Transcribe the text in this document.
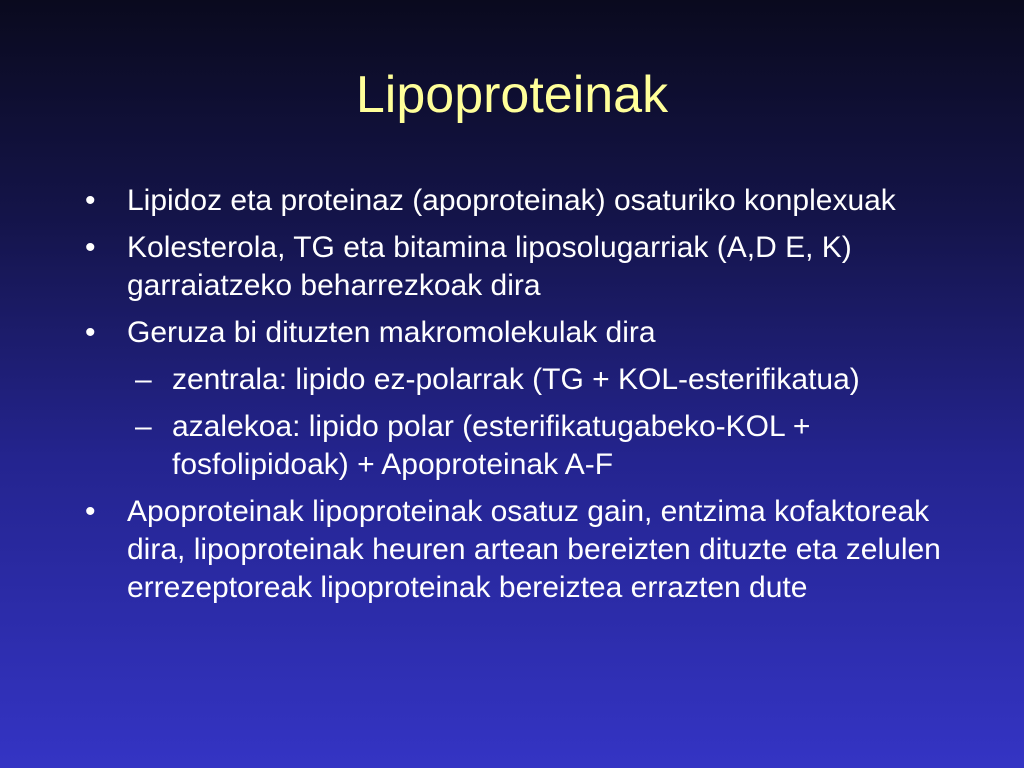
Lipoproteinak
• Lipidoz eta proteinaz (apoproteinak) osaturiko konplexuak
• Kolesterola, TG eta bitamina liposolugarriak (A,D E, K) garraiatzeko beharrezkoak dira
• Geruza bi dituzten makromolekulak dira
– zentrala: lipido ez-polarrak (TG + KOL-esterifikatua)
– azalekoa: lipido polar (esterifikatugabeko-KOL + fosfolipidoak) + Apoproteinak A-F
• Apoproteinak lipoproteinak osatuz gain, entzima kofaktoreak dira, lipoproteinak heuren artean bereizten dituzte eta zelulen errezeptoreak lipoproteinak bereiztea errazten dute
